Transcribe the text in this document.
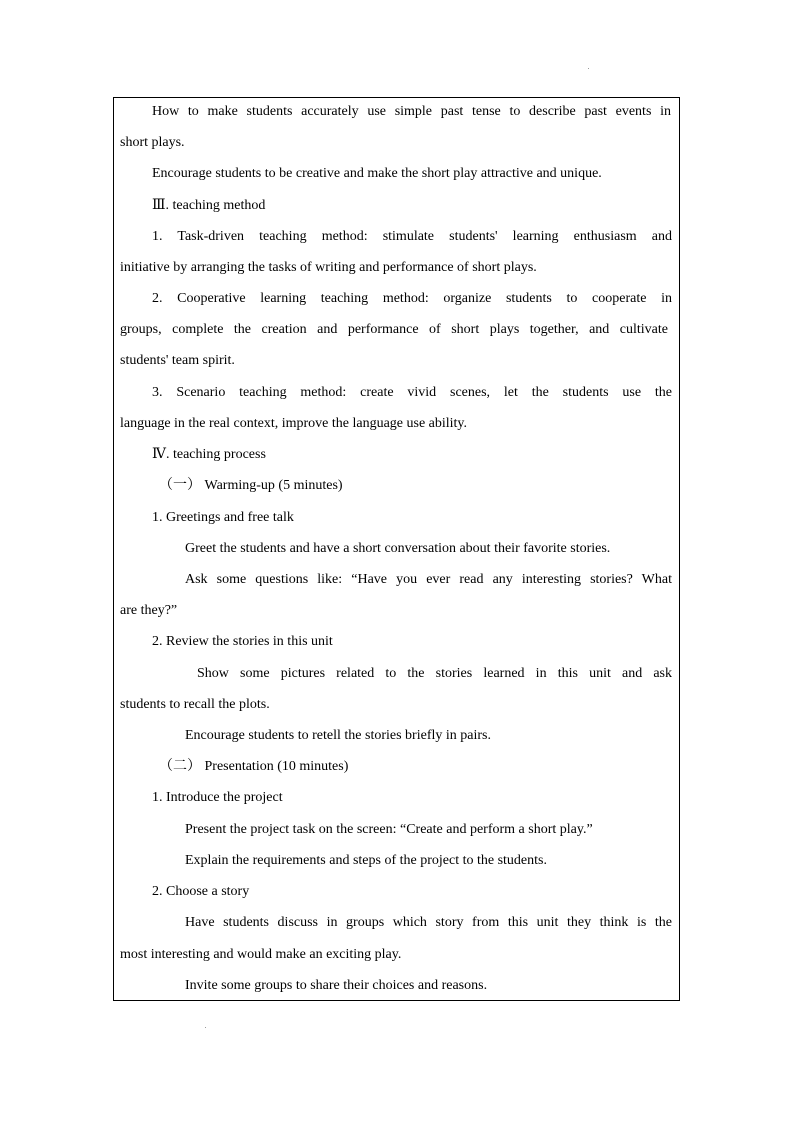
How to make students accurately use simple past tense to describe past events in
short plays.
Encourage students to be creative and make the short play attractive and unique.
Ⅲ. teaching method
1. Task-driven teaching method: stimulate students' learning enthusiasm and
initiative by arranging the tasks of writing and performance of short plays.
2. Cooperative learning teaching method: organize students to cooperate in
groups, complete the creation and performance of short plays together, and cultivate
students' team spirit.
3. Scenario teaching method: create vivid scenes, let the students use the
language in the real context, improve the language use ability.
Ⅳ. teaching process
（一） Warming-up (5 minutes)
1. Greetings and free talk
Greet the students and have a short conversation about their favorite stories.
Ask some questions like: “Have you ever read any interesting stories? What
are they?”
2. Review the stories in this unit
Show some pictures related to the stories learned in this unit and ask
students to recall the plots.
Encourage students to retell the stories briefly in pairs.
（二） Presentation (10 minutes)
1. Introduce the project
Present the project task on the screen: “Create and perform a short play.”
Explain the requirements and steps of the project to the students.
2. Choose a story
Have students discuss in groups which story from this unit they think is the
most interesting and would make an exciting play.
Invite some groups to share their choices and reasons.
